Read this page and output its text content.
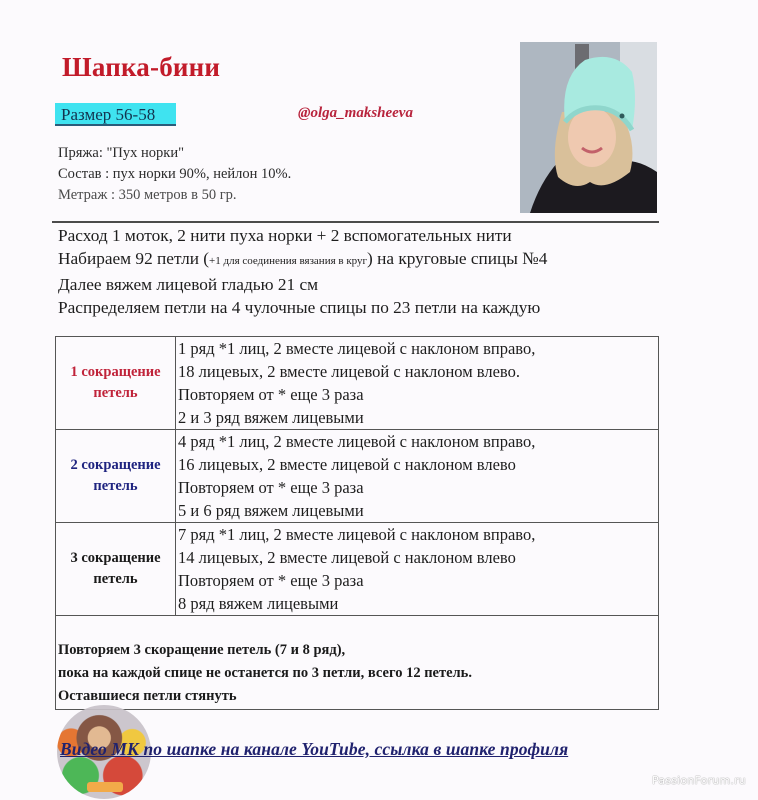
Шапка-бини
Размер 56-58	@olga_maksheeva
Пряжа: "Пух норки"
Состав : пух норки 90%, нейлон 10%.
Метраж : 350 метров в 50 гр.
Расход 1 моток, 2 нити пуха норки + 2 вспомогательных нити
Набираем 92 петли (+1 для соединения вязания в круг) на круговые спицы №4
Далее вяжем лицевой гладью 21 см
Распределяем петли на 4 чулочные спицы по 23 петли на каждую
1 сокращение
петель

1 ряд *1 лиц, 2 вместе лицевой с наклоном вправо,
18 лицевых, 2 вместе лицевой с наклоном влево.
Повторяем от * еще 3 раза
2 и 3 ряд вяжем лицевыми

2 сокращение
петель

4 ряд *1 лиц, 2 вместе лицевой с наклоном вправо,
16 лицевых, 2 вместе лицевой с наклоном влево
Повторяем от * еще 3 раза
5 и 6 ряд вяжем лицевыми

3 сокращение
петель

7 ряд *1 лиц, 2 вместе лицевой с наклоном вправо,
14 лицевых, 2 вместе лицевой с наклоном влево
Повторяем от * еще 3 раза
8 ряд вяжем лицевыми

Повторяем 3 скоращение петель (7 и 8 ряд),
пока на каждой спице не останется по 3 петли, всего 12 петель.
Оставшиеся петли стянуть	
Видео МК по шапке на канале YouTube, ссылка в шапке профиля
PassionForum.ru
